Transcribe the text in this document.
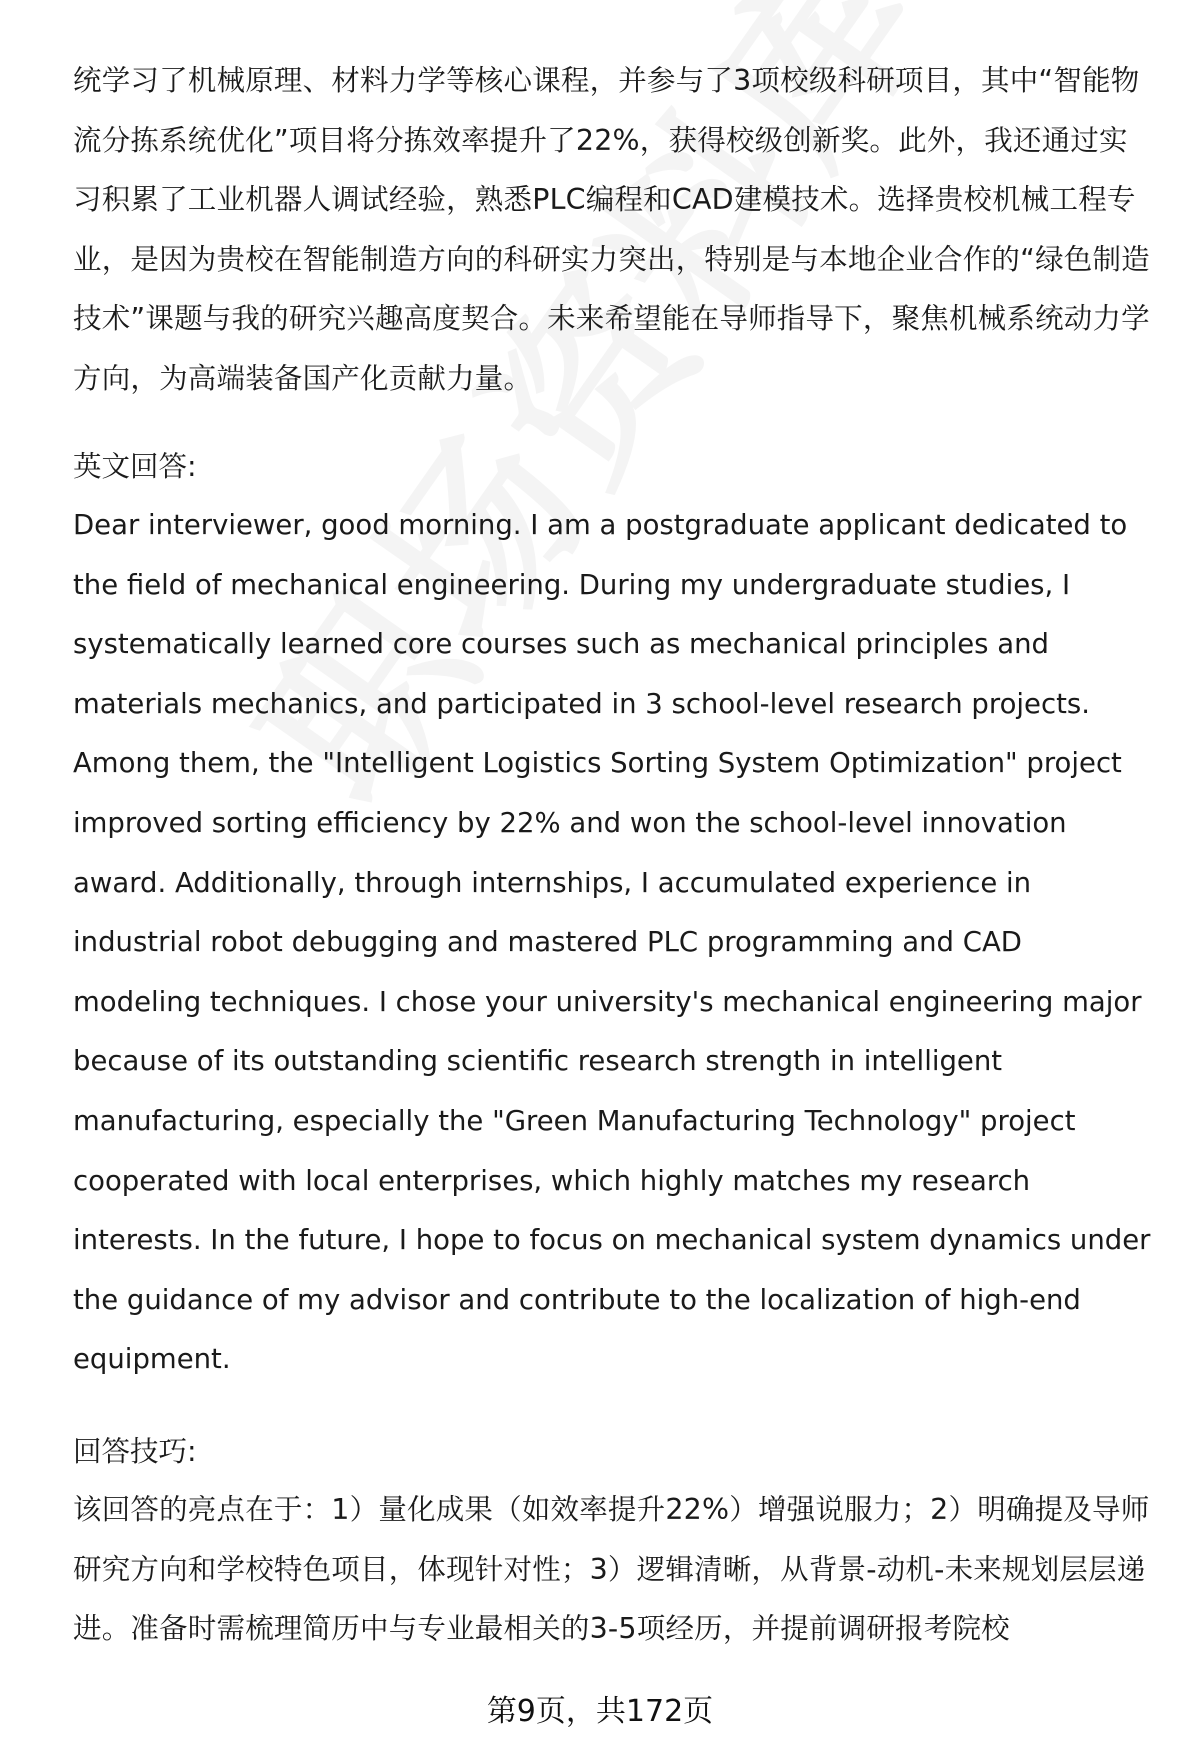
统学习了机械原理、材料力学等核心课程，并参与了3项校级科研项目，其中“智能物流分拣系统优化”项目将分拣效率提升了22%，获得校级创新奖。此外，我还通过实习积累了工业机器人调试经验，熟悉PLC编程和CAD建模技术。选择贵校机械工程专业，是因为贵校在智能制造方向的科研实力突出，特别是与本地企业合作的“绿色制造技术”课题与我的研究兴趣高度契合。未来希望能在导师指导下，聚焦机械系统动力学方向，为高端装备国产化贡献力量。

英文回答:

Dear interviewer, good morning. I am a postgraduate applicant dedicated to the field of mechanical engineering. During my undergraduate studies, I systematically learned core courses such as mechanical principles and materials mechanics, and participated in 3 school-level research projects. Among them, the "Intelligent Logistics Sorting System Optimization" project improved sorting efficiency by 22% and won the school-level innovation award. Additionally, through internships, I accumulated experience in industrial robot debugging and mastered PLC programming and CAD modeling techniques. I chose your university's mechanical engineering major because of its outstanding scientific research strength in intelligent manufacturing, especially the "Green Manufacturing Technology" project cooperated with local enterprises, which highly matches my research interests. In the future, I hope to focus on mechanical system dynamics under the guidance of my advisor and contribute to the localization of high-end equipment.

回答技巧:

该回答的亮点在于：1）量化成果（如效率提升22%）增强说服力；2）明确提及导师研究方向和学校特色项目，体现针对性；3）逻辑清晰，从背景-动机-未来规划层层递进。准备时需梳理简历中与专业最相关的3-5项经历，并提前调研报考院校

第9页，共172页
